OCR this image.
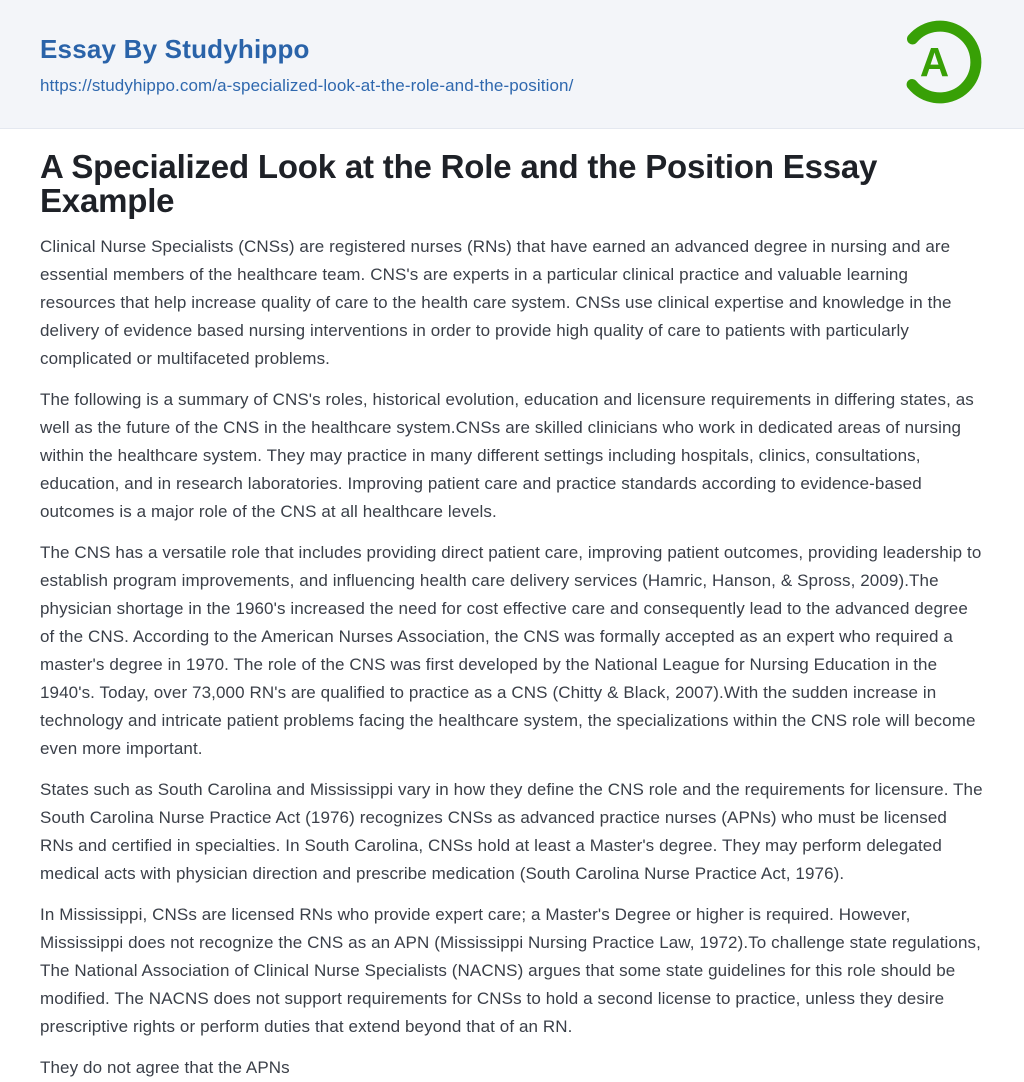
Essay By Studyhippo
https://studyhippo.com/a-specialized-look-at-the-role-and-the-position/
A
A Specialized Look at the Role and the Position Essay Example

Clinical Nurse Specialists (CNSs) are registered nurses (RNs) that have earned an advanced degree in nursing and are essential members of the healthcare team. CNS's are experts in a particular clinical practice and valuable learning resources that help increase quality of care to the health care system. CNSs use clinical expertise and knowledge in the delivery of evidence based nursing interventions in order to provide high quality of care to patients with particularly complicated or multifaceted problems.

The following is a summary of CNS's roles, historical evolution, education and licensure requirements in differing states, as well as the future of the CNS in the healthcare system.CNSs are skilled clinicians who work in dedicated areas of nursing within the healthcare system. They may practice in many different settings including hospitals, clinics, consultations, education, and in research laboratories. Improving patient care and practice standards according to evidence-based outcomes is a major role of the CNS at all healthcare levels.

The CNS has a versatile role that includes providing direct patient care, improving patient outcomes, providing leadership to establish program improvements, and influencing health care delivery services (Hamric, Hanson, & Spross, 2009).The physician shortage in the 1960's increased the need for cost effective care and consequently lead to the advanced degree of the CNS. According to the American Nurses Association, the CNS was formally accepted as an expert who required a master's degree in 1970. The role of the CNS was first developed by the National League for Nursing Education in the 1940's. Today, over 73,000 RN's are qualified to practice as a CNS (Chitty & Black, 2007).With the sudden increase in technology and intricate patient problems facing the healthcare system, the specializations within the CNS role will become even more important.

States such as South Carolina and Mississippi vary in how they define the CNS role and the requirements for licensure. The South Carolina Nurse Practice Act (1976) recognizes CNSs as advanced practice nurses (APNs) who must be licensed RNs and certified in specialties. In South Carolina, CNSs hold at least a Master's degree. They may perform delegated medical acts with physician direction and prescribe medication (South Carolina Nurse Practice Act, 1976).

In Mississippi, CNSs are licensed RNs who provide expert care; a Master's Degree or higher is required. However, Mississippi does not recognize the CNS as an APN (Mississippi Nursing Practice Law, 1972).To challenge state regulations, The National Association of Clinical Nurse Specialists (NACNS) argues that some state guidelines for this role should be modified. The NACNS does not support requirements for CNSs to hold a second license to practice, unless they desire prescriptive rights or perform duties that extend beyond that of an RN.

They do not agree that the APNs
